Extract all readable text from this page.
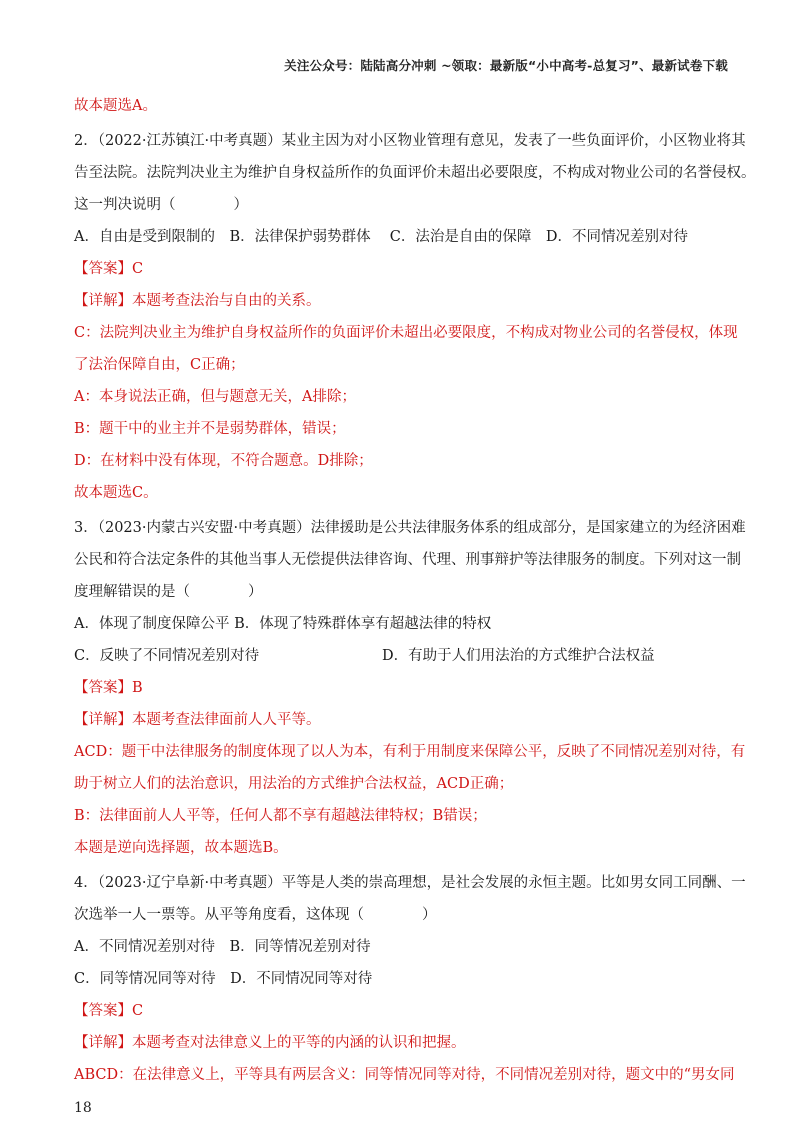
关注公众号：陆陆高分冲刺 ~领取：最新版“小中高考-总复习”、最新试卷下载
故本题选A。
2．（2022·江苏镇江·中考真题）某业主因为对小区物业管理有意见，发表了一些负面评价，小区物业将其
告至法院。法院判决业主为维护自身权益所作的负面评价未超出必要限度，不构成对物业公司的名誉侵权。
这一判决说明（　　　　）
A．自由是受到限制的　B．法律保护弱势群体　 C．法治是自由的保障　D．不同情况差别对待
【答案】C
【详解】本题考查法治与自由的关系。
C：法院判决业主为维护自身权益所作的负面评价未超出必要限度，不构成对物业公司的名誉侵权，体现
了法治保障自由，C正确；
A：本身说法正确，但与题意无关，A排除；
B：题干中的业主并不是弱势群体，错误；
D：在材料中没有体现，不符合题意。D排除；
故本题选C。
3．（2023·内蒙古兴安盟·中考真题）法律援助是公共法律服务体系的组成部分，是国家建立的为经济困难
公民和符合法定条件的其他当事人无偿提供法律咨询、代理、刑事辩护等法律服务的制度。下列对这一制
度理解错误的是（　　　　）
A．体现了制度保障公平 B．体现了特殊群体享有超越法律的特权
C．反映了不同情况差别对待	D．有助于人们用法治的方式维护合法权益
【答案】B
【详解】本题考查法律面前人人平等。
ACD：题干中法律服务的制度体现了以人为本，有利于用制度来保障公平，反映了不同情况差别对待，有
助于树立人们的法治意识，用法治的方式维护合法权益，ACD正确；
B：法律面前人人平等，任何人都不享有超越法律特权；B错误；
本题是逆向选择题，故本题选B。
4．（2023·辽宁阜新·中考真题）平等是人类的崇高理想，是社会发展的永恒主题。比如男女同工同酬、一
次选举一人一票等。从平等角度看，这体现（　　　　）
A．不同情况差别对待　B．同等情况差别对待
C．同等情况同等对待　D．不同情况同等对待
【答案】C
【详解】本题考查对法律意义上的平等的内涵的认识和把握。
ABCD：在法律意义上，平等具有两层含义：同等情况同等对待，不同情况差别对待，题文中的“男女同
18
